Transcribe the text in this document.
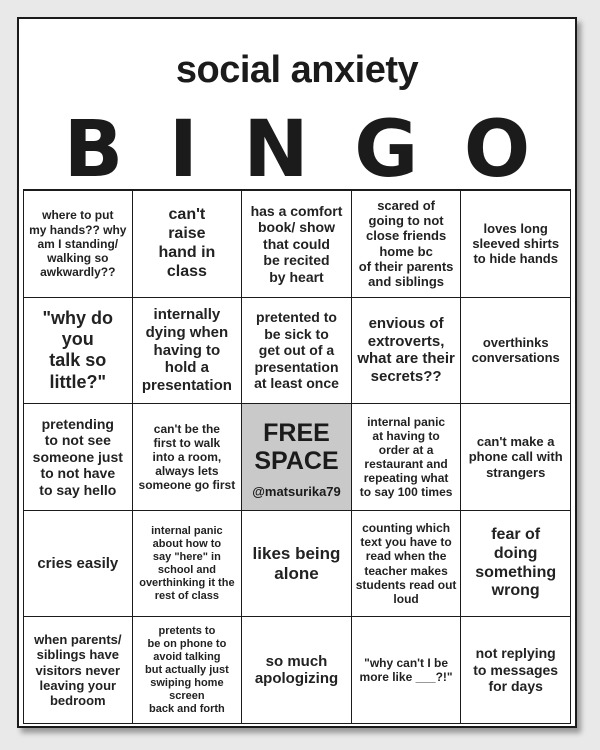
social anxiety
B I N G O
where to put
my hands?? why
am I standing/
walking so
awkwardly??
can't
raise
hand in
class
has a comfort
book/ show
that could
be recited
by heart
scared of
going to not
close friends
home bc
of their parents
and siblings
loves long
sleeved shirts
to hide hands
"why do
you
talk so
little?"
internally
dying when
having to
hold a
presentation
pretented to
be sick to
get out of a
presentation
at least once
envious of
extroverts,
what are their
secrets??
overthinks
conversations
pretending
to not see
someone just
to not have
to say hello
can't be the
first to walk
into a room,
always lets
someone go first
FREE
SPACE
@matsurika79
internal panic
at having to
order at a
restaurant and
repeating what
to say 100 times
can't make a
phone call with
strangers
cries easily
internal panic
about how to
say "here" in
school and
overthinking it the
rest of class
likes being
alone
counting which
text you have to
read when the
teacher makes
students read out
loud
fear of
doing
something
wrong
when parents/
siblings have
visitors never
leaving your
bedroom
pretents to
be on phone to
avoid talking
but actually just
swiping home screen
back and forth
so much
apologizing
"why can't I be
more like ___?!"
not replying
to messages
for days
